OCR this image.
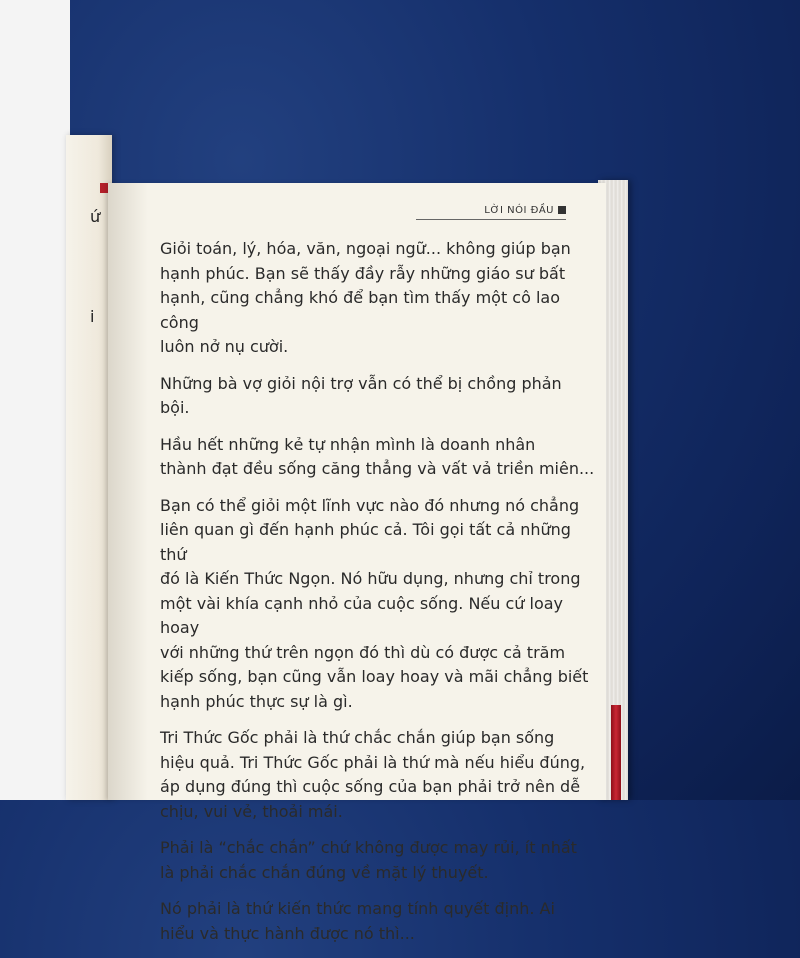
ứ
i
LỜI NÓI ĐẦU

Giỏi toán, lý, hóa, văn, ngoại ngữ... không giúp bạn
hạnh phúc. Bạn sẽ thấy đầy rẫy những giáo sư bất
hạnh, cũng chẳng khó để bạn tìm thấy một cô lao công
luôn nở nụ cười.

Những bà vợ giỏi nội trợ vẫn có thể bị chồng phản bội.

Hầu hết những kẻ tự nhận mình là doanh nhân
thành đạt đều sống căng thẳng và vất vả triền miên...

Bạn có thể giỏi một lĩnh vực nào đó nhưng nó chẳng
liên quan gì đến hạnh phúc cả. Tôi gọi tất cả những thứ
đó là Kiến Thức Ngọn. Nó hữu dụng, nhưng chỉ trong
một vài khía cạnh nhỏ của cuộc sống. Nếu cứ loay hoay
với những thứ trên ngọn đó thì dù có được cả trăm
kiếp sống, bạn cũng vẫn loay hoay và mãi chẳng biết
hạnh phúc thực sự là gì.

Tri Thức Gốc phải là thứ chắc chắn giúp bạn sống
hiệu quả. Tri Thức Gốc phải là thứ mà nếu hiểu đúng,
áp dụng đúng thì cuộc sống của bạn phải trở nên dễ
chịu, vui vẻ, thoải mái.

Phải là “chắc chắn” chứ không được may rủi, ít nhất
là phải chắc chắn đúng về mặt lý thuyết.

Nó phải là thứ kiến thức mang tính quyết định. Ai
hiểu và thực hành được nó thì...
